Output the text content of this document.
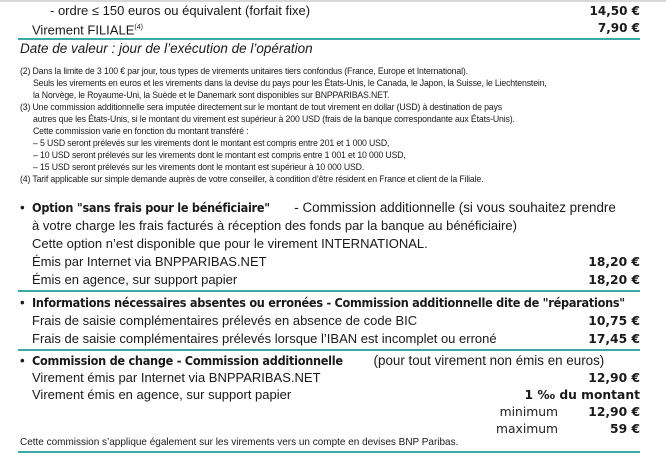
- ordre ≤ 150 euros ou équivalent (forfait fixe)	14,50 €
Virement FILIALE$^{(4)}$	7,90 €
Date de valeur : jour de l’exécution de l’opération
(2) Dans la limite de 3 100 € par jour, tous types de virements unitaires tiers confondus (France, Europe et International).
Seuls les virements en euros et les virements dans la devise du pays pour les États-Unis, le Canada, le Japon, la Suisse, le Liechtenstein,
la Norvège, le Royaume-Uni, la Suède et le Danemark sont disponibles sur BNPPARIBAS.NET.
(3) Une commission additionnelle sera imputée directement sur le montant de tout virement en dollar (USD) à destination de pays
autres que les États-Unis, si le montant du virement est supérieur à 200 USD (frais de la banque correspondante aux États-Unis).
Cette commission varie en fonction du montant transféré :
– 5 USD seront prélevés sur les virements dont le montant est compris entre 201 et 1 000 USD,
– 10 USD seront prélevés sur les virements dont le montant est compris entre 1 001 et 10 000 USD,
– 15 USD seront prélevés sur les virements dont le montant est supérieur à 10 000 USD.
(4) Tarif applicable sur simple demande auprès de votre conseiller, à condition d’être résident en France et client de la Filiale.
• Option "sans frais pour le bénéficiaire" - Commission additionnelle (si vous souhaitez prendre
à votre charge les frais facturés à réception des fonds par la banque au bénéficiaire)
Cette option n’est disponible que pour le virement INTERNATIONAL.
Émis par Internet via BNPPARIBAS.NET	18,20 €
Émis en agence, sur support papier	18,20 €
• Informations nécessaires absentes ou erronées - Commission additionnelle dite de "réparations"
Frais de saisie complémentaires prélevés en absence de code BIC	10,75 €
Frais de saisie complémentaires prélevés lorsque l’IBAN est incomplet ou erroné	17,45 €
• Commission de change - Commission additionnelle (pour tout virement non émis en euros)
Virement émis par Internet via BNPPARIBAS.NET	12,90 €
Virement émis en agence, sur support papier	1 ‰ du montant
minimum 12,90 €
maximum	59 €
Cette commission s’applique également sur les virements vers un compte en devises BNP Paribas.
